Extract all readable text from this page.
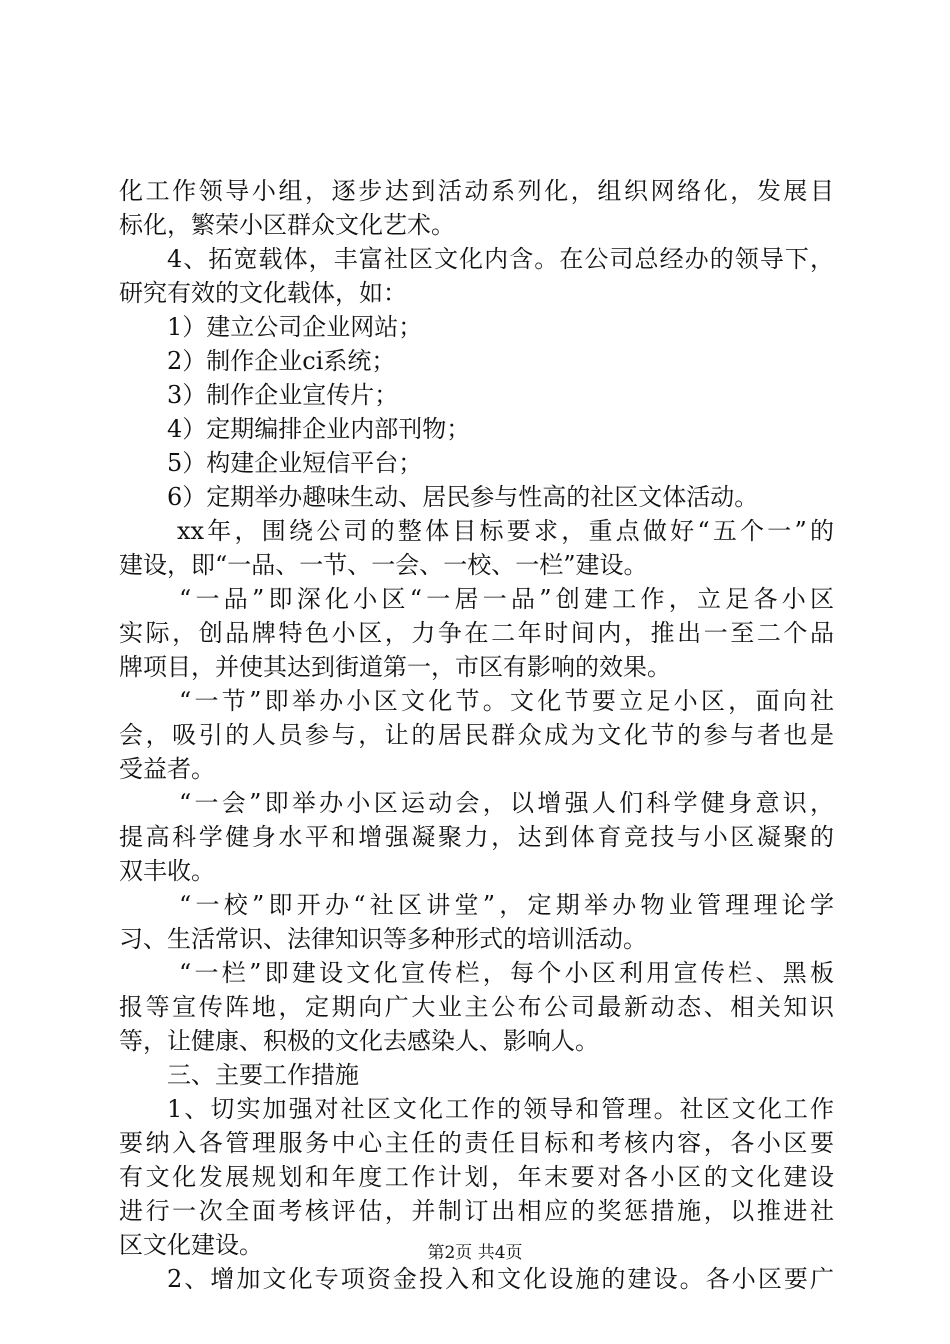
化工作领导小组，逐步达到活动系列化，组织网络化，发展目
标化，繁荣小区群众文化艺术。
4、拓宽载体，丰富社区文化内含。在公司总经办的领导下，
研究有效的文化载体，如：
1）建立公司企业网站；
2）制作企业ci系统；
3）制作企业宣传片；
4）定期编排企业内部刊物；
5）构建企业短信平台；
6）定期举办趣味生动、居民参与性高的社区文体活动。
xx年，围绕公司的整体目标要求，重点做好“五个一”的
建设，即“一品、一节、一会、一校、一栏”建设。
“一品”即深化小区“一居一品”创建工作，立足各小区
实际，创品牌特色小区，力争在二年时间内，推出一至二个品
牌项目，并使其达到街道第一，市区有影响的效果。
“一节”即举办小区文化节。文化节要立足小区，面向社
会，吸引的人员参与，让的居民群众成为文化节的参与者也是
受益者。
“一会”即举办小区运动会，以增强人们科学健身意识，
提高科学健身水平和增强凝聚力，达到体育竞技与小区凝聚的
双丰收。
“一校”即开办“社区讲堂”，定期举办物业管理理论学
习、生活常识、法律知识等多种形式的培训活动。
“一栏”即建设文化宣传栏，每个小区利用宣传栏、黑板
报等宣传阵地，定期向广大业主公布公司最新动态、相关知识
等，让健康、积极的文化去感染人、影响人。
三、主要工作措施
1、切实加强对社区文化工作的领导和管理。社区文化工作
要纳入各管理服务中心主任的责任目标和考核内容，各小区要
有文化发展规划和年度工作计划，年末要对各小区的文化建设
进行一次全面考核评估，并制订出相应的奖惩措施，以推进社
区文化建设。
2、增加文化专项资金投入和文化设施的建设。各小区要广
第2页 共4页
